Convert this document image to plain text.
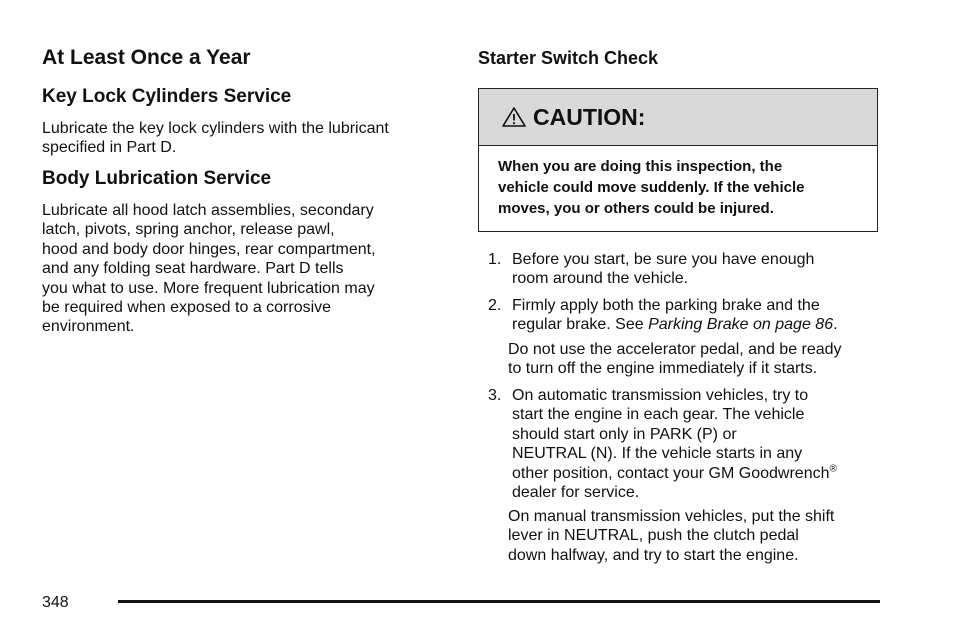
At Least Once a Year
Key Lock Cylinders Service

Lubricate the key lock cylinders with the lubricant
specified in Part D.

Body Lubrication Service

Lubricate all hood latch assemblies, secondary
latch, pivots, spring anchor, release pawl,
hood and body door hinges, rear compartment,
and any folding seat hardware. Part D tells
you what to use. More frequent lubrication may
be required when exposed to a corrosive
environment.

Starter Switch Check
CAUTION:
When you are doing this inspection, the
vehicle could move suddenly. If the vehicle
moves, you or others could be injured.
1. Before you start, be sure you have enough
room around the vehicle.
2. Firmly apply both the parking brake and the
regular brake. See Parking Brake on page 86.
Do not use the accelerator pedal, and be ready
to turn off the engine immediately if it starts.
3. On automatic transmission vehicles, try to
start the engine in each gear. The vehicle
should start only in PARK (P) or
NEUTRAL (N). If the vehicle starts in any
other position, contact your GM Goodwrench®
dealer for service.
On manual transmission vehicles, put the shift
lever in NEUTRAL, push the clutch pedal
down halfway, and try to start the engine.
348
